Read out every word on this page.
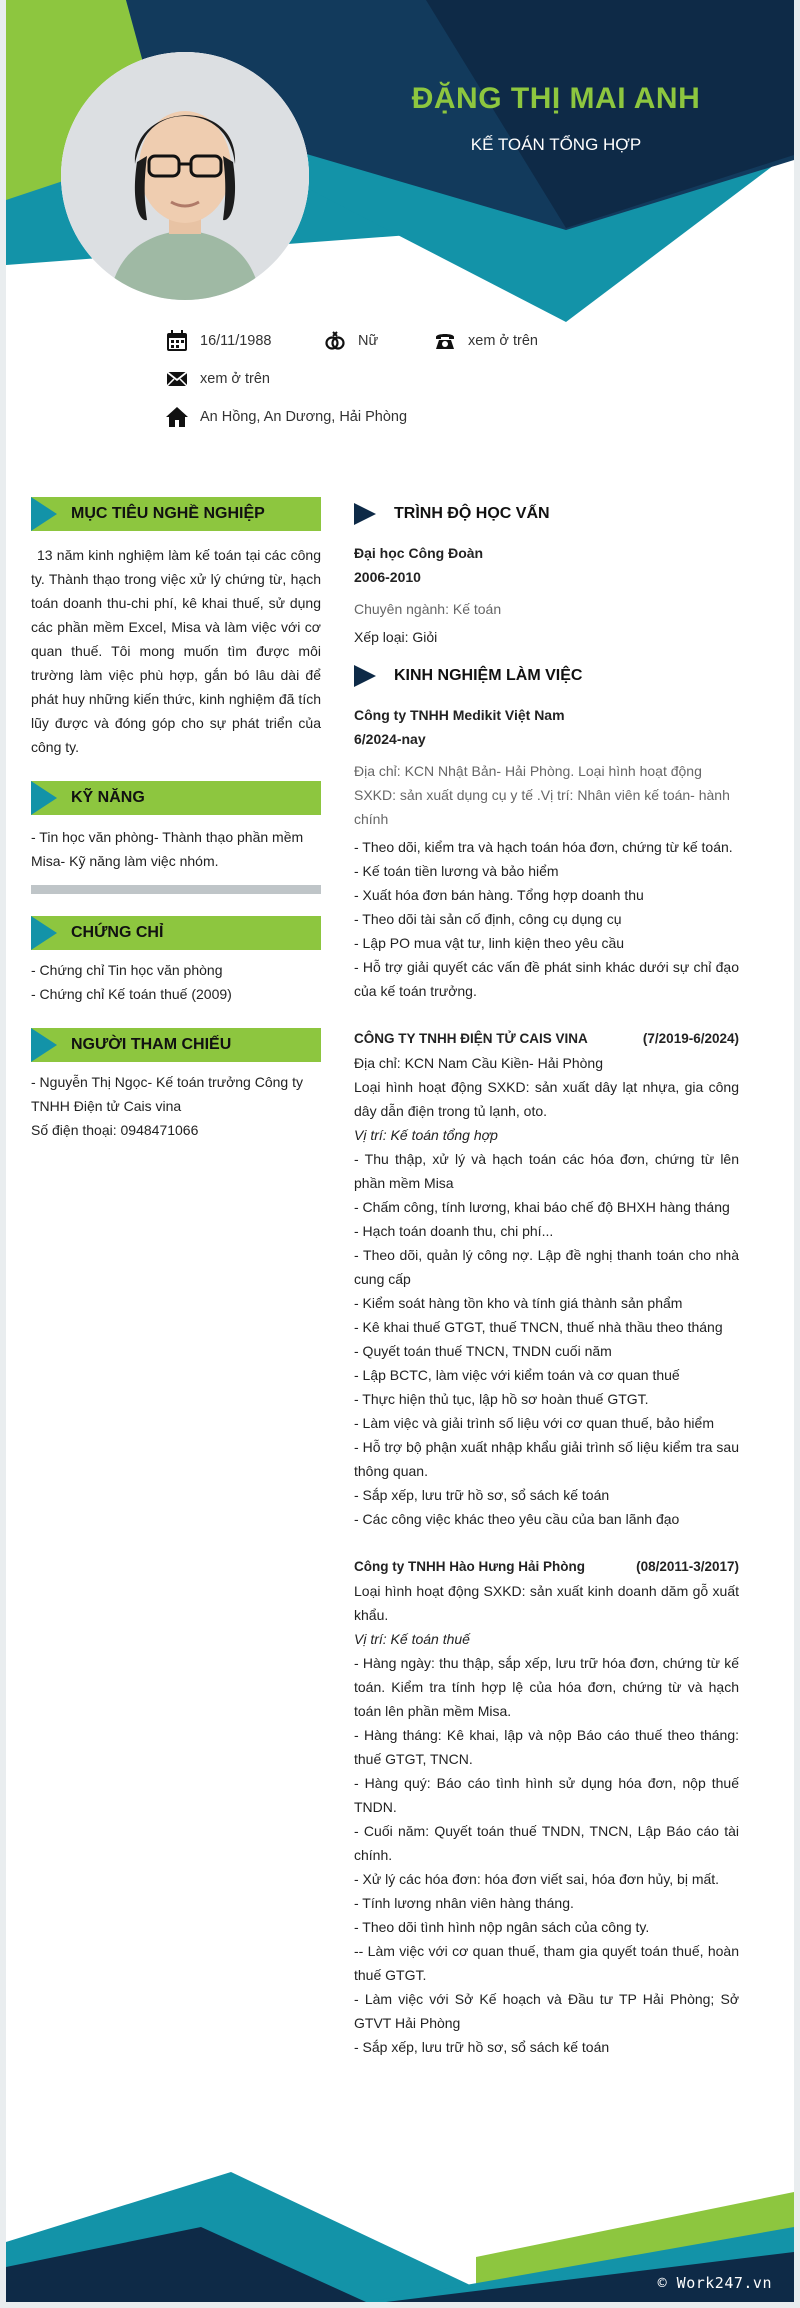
ĐẶNG THỊ MAI ANH
KẾ TOÁN TỔNG HỢP
16/11/1988	Nữ	xem ở trên
xem ở trên
An Hồng, An Dương, Hải Phòng
MỤC TIÊU NGHỀ NGHIỆP
13 năm kinh nghiệm làm kế toán tại các công ty. Thành thạo trong việc xử lý chứng từ, hạch toán doanh thu-chi phí, kê khai thuế, sử dụng các phần mềm Excel, Misa và làm việc với cơ quan thuế. Tôi mong muốn tìm được môi trường làm việc phù hợp, gắn bó lâu dài để phát huy những kiến thức, kinh nghiệm đã tích lũy được và đóng góp cho sự phát triển của công ty.
KỸ NĂNG
- Tin học văn phòng- Thành thạo phần mềm Misa- Kỹ năng làm việc nhóm.
CHỨNG CHỈ
- Chứng chỉ Tin học văn phòng
- Chứng chỉ Kế toán thuế (2009)
NGƯỜI THAM CHIẾU
- Nguyễn Thị Ngọc- Kế toán trưởng Công ty TNHH Điện tử Cais vina
Số điện thoại: 0948471066
TRÌNH ĐỘ HỌC VẤN
Đại học Công Đoàn
2006-2010
Chuyên ngành: Kế toán
Xếp loại: Giỏi
KINH NGHIỆM LÀM VIỆC
Công ty TNHH Medikit Việt Nam
6/2024-nay
Địa chỉ: KCN Nhật Bản- Hải Phòng. Loại hình hoạt động SXKD: sản xuất dụng cụ y tế .Vị trí: Nhân viên kế toán- hành chính
- Theo dõi, kiểm tra và hạch toán hóa đơn, chứng từ kế toán.
- Kế toán tiền lương và bảo hiểm
- Xuất hóa đơn bán hàng. Tổng hợp doanh thu
- Theo dõi tài sản cố định, công cụ dụng cụ
- Lập PO mua vật tư, linh kiện theo yêu cầu
- Hỗ trợ giải quyết các vấn đề phát sinh khác dưới sự chỉ đạo của kế toán trưởng.
CÔNG TY TNHH ĐIỆN TỬ CAIS VINA	(7/2019-6/2024)
Địa chỉ: KCN Nam Cầu Kiền- Hải Phòng
Loại hình hoạt động SXKD: sản xuất dây lạt nhựa, gia công dây dẫn điện trong tủ lạnh, oto.
Vị trí: Kế toán tổng hợp
- Thu thập, xử lý và hạch toán các hóa đơn, chứng từ lên phần mềm Misa
- Chấm công, tính lương, khai báo chế độ BHXH hàng tháng
- Hạch toán doanh thu, chi phí...
- Theo dõi, quản lý công nợ. Lập đề nghị thanh toán cho nhà cung cấp
- Kiểm soát hàng tồn kho và tính giá thành sản phẩm
- Kê khai thuế GTGT, thuế TNCN, thuế nhà thầu theo tháng
- Quyết toán thuế TNCN, TNDN cuối năm
- Lập BCTC, làm việc với kiểm toán và cơ quan thuế
- Thực hiện thủ tục, lập hồ sơ hoàn thuế GTGT.
- Làm việc và giải trình số liệu với cơ quan thuế, bảo hiểm
- Hỗ trợ bộ phận xuất nhập khẩu giải trình số liệu kiểm tra sau thông quan.
- Sắp xếp, lưu trữ hồ sơ, sổ sách kế toán
- Các công việc khác theo yêu cầu của ban lãnh đạo
Công ty TNHH Hào Hưng Hải Phòng	(08/2011-3/2017)
Loại hình hoạt động SXKD: sản xuất kinh doanh dăm gỗ xuất khẩu.
Vị trí: Kế toán thuế
- Hàng ngày: thu thập, sắp xếp, lưu trữ hóa đơn, chứng từ kế toán. Kiểm tra tính hợp lệ của hóa đơn, chứng từ và hạch toán lên phần mềm Misa.
- Hàng tháng: Kê khai, lập và nộp Báo cáo thuế theo tháng: thuế GTGT, TNCN.
- Hàng quý: Báo cáo tình hình sử dụng hóa đơn, nộp thuế TNDN.
- Cuối năm: Quyết toán thuế TNDN, TNCN, Lập Báo cáo tài chính.
- Xử lý các hóa đơn: hóa đơn viết sai, hóa đơn hủy, bị mất.
- Tính lương nhân viên hàng tháng.
- Theo dõi tình hình nộp ngân sách của công ty.
-- Làm việc với cơ quan thuế, tham gia quyết toán thuế, hoàn thuế GTGT.
- Làm việc với Sở Kế hoạch và Đầu tư TP Hải Phòng; Sở GTVT Hải Phòng
- Sắp xếp, lưu trữ hồ sơ, sổ sách kế toán
© Work247.vn
